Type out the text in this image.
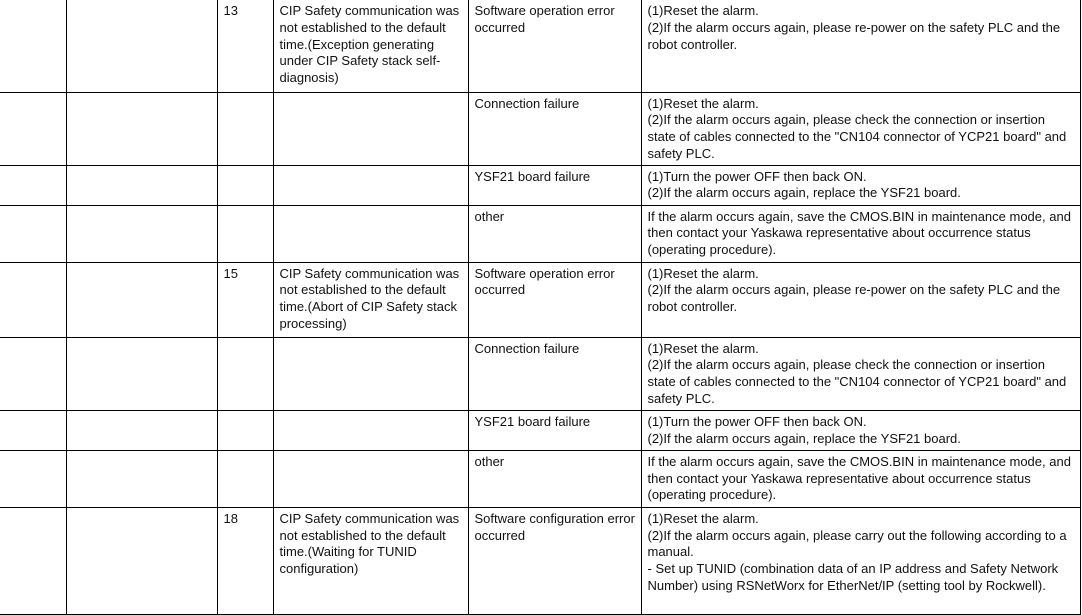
		13	CIP Safety communication was not established to the default time.(Exception generating under CIP Safety stack self-diagnosis)	Software operation error occurred	(1)Reset the alarm.
(2)If the alarm occurs again, please re-power on the safety PLC and the robot controller.

				Connection failure	(1)Reset the alarm.
(2)If the alarm occurs again, please check the connection or insertion state of cables connected to the "CN104 connector of YCP21 board" and safety PLC.

				YSF21 board failure	(1)Turn the power OFF then back ON.
(2)If the alarm occurs again, replace the YSF21 board.

				other	If the alarm occurs again, save the CMOS.BIN in maintenance mode, and then contact your Yaskawa representative about occurrence status (operating procedure).

		15	CIP Safety communication was not established to the default time.(Abort of CIP Safety stack processing)	Software operation error occurred	(1)Reset the alarm.
(2)If the alarm occurs again, please re-power on the safety PLC and the robot controller.

				Connection failure	(1)Reset the alarm.
(2)If the alarm occurs again, please check the connection or insertion state of cables connected to the "CN104 connector of YCP21 board" and safety PLC.

				YSF21 board failure	(1)Turn the power OFF then back ON.
(2)If the alarm occurs again, replace the YSF21 board.

				other	If the alarm occurs again, save the CMOS.BIN in maintenance mode, and then contact your Yaskawa representative about occurrence status (operating procedure).

		18	CIP Safety communication was not established to the default time.(Waiting for TUNID configuration)	Software configuration error occurred	(1)Reset the alarm.
(2)If the alarm occurs again, please carry out the following according to a manual.
- Set up TUNID (combination data of an IP address and Safety Network Number) using RSNetWorx for EtherNet/IP (setting tool by Rockwell).
